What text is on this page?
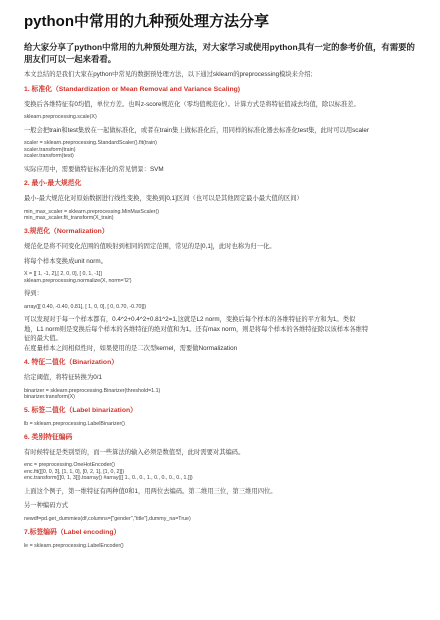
python中常用的九种预处理方法分享
给大家分享了python中常用的九种预处理方法，对大家学习或使用python具有一定的参考价值，有需要的朋友们可以一起来看看。
本文总结的是我们大家在python中常见的数据预处理方法，以下通过sklearn的preprocessing模块来介绍;
1. 标准化（Standardization or Mean Removal and Variance Scaling)
变换后各维特征有0均值，单位方差。也叫z-score规范化（零均值规范化）。计算方式是将特征值减去均值，除以标准差。
sklearn.preprocessing.scale(X)
一般会把train和test集放在一起做标准化，或者在train集上做标准化后，用同样的标准化器去标准化test集，此时可以用scaler
scaler = sklearn.preprocessing.StandardScaler().fit(train)
scaler.transform(train)
scaler.transform(test)
实际应用中，需要做特征标准化的常见情景：SVM
2. 最小-最大规范化
最小-最大规范化对原始数据进行线性变换，变换到[0,1]区间（也可以是其他固定最小最大值的区间）
min_max_scaler = sklearn.preprocessing.MinMaxScaler()
min_max_scaler.fit_transform(X_train)
3.规范化（Normalization）
规范化是将不同变化范围的值映射到相同的固定范围，常见的是[0,1]，此时也称为归一化。
将每个样本变换成unit norm。
X = [[ 1, -1, 2],[ 2, 0, 0], [ 0, 1, -1]]
sklearn.preprocessing.normalize(X, norm='l2')
得到：
array([[ 0.40, -0.40, 0.81], [ 1, 0, 0], [ 0, 0.70, -0.70]])
可以发现对于每一个样本都有，0.4^2+0.4^2+0.81^2=1,这就是L2 norm，变换后每个样本的各维特征的平方和为1。类似
地，L1 norm则是变换后每个样本的各维特征的绝对值和为1。还有max norm，则是将每个样本的各维特征除以该样本各维特
征的最大值。
在度量样本之间相似性时，如果使用的是二次型kernel，需要做Normalization
4. 特征二值化（Binarization）
给定阈值，将特征转换为0/1
binarizer = sklearn.preprocessing.Binarizer(threshold=1.1)
binarizer.transform(X)
5. 标签二值化（Label binarization）
lb = sklearn.preprocessing.LabelBinarizer()
6. 类别特征编码
有时候特征是类别型的，而一些算法的输入必须是数值型，此时需要对其编码。
enc = preprocessing.OneHotEncoder()
enc.fit([[0, 0, 3], [1, 1, 0], [0, 2, 1], [1, 0, 2]])
enc.transform([[0, 1, 3]]).toarray() #array([[ 1., 0., 0., 1., 0., 0., 0., 0., 1.]])
上面这个例子，第一维特征有两种值0和1，用两位去编码。第二维用三位，第三维用四位。
另一种编码方式
newdf=pd.get_dummies(df,columns=["gender","title"],dummy_na=True)
7.标签编码（Label encoding）
le = sklearn.preprocessing.LabelEncoder()
